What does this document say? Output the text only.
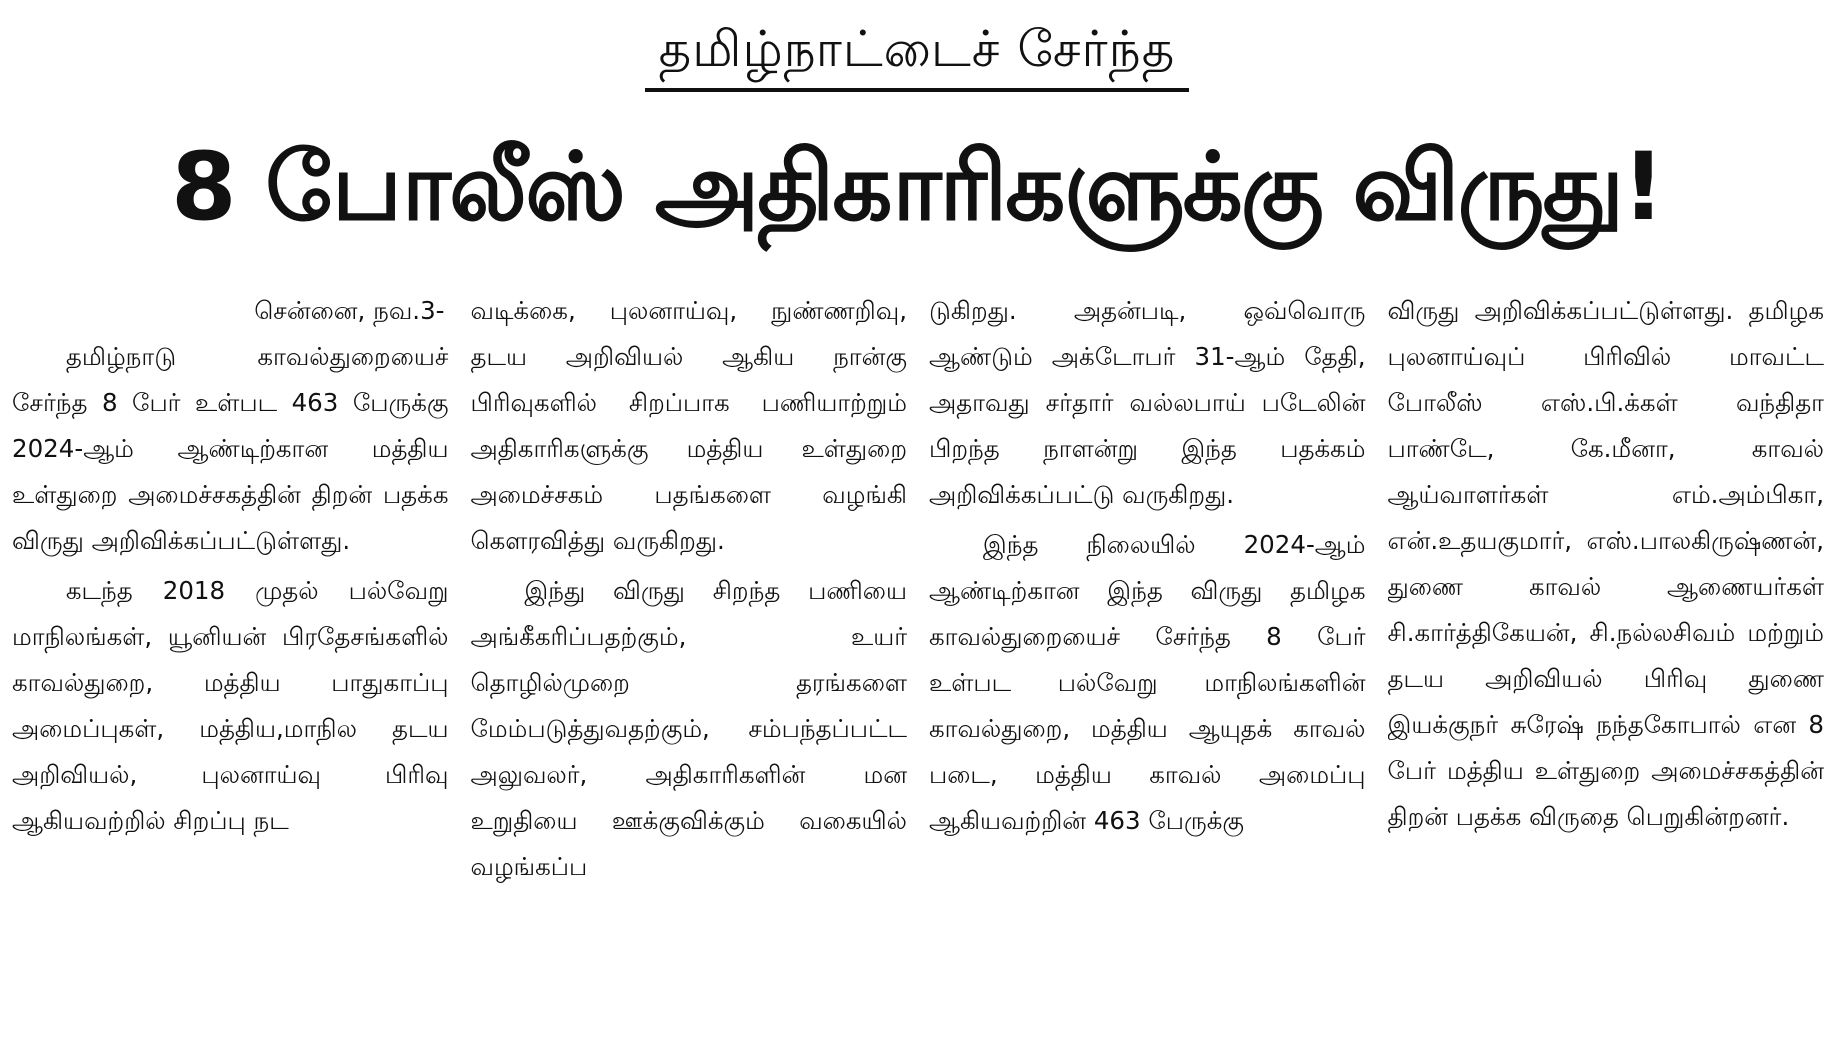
தமிழ்நாட்டைச் சேர்ந்த
8 போலீஸ் அதிகாரிகளுக்கு விருது!

சென்னை, நவ.3-

தமிழ்நாடு காவல்துறையைச் சேர்ந்த 8 பேர் உள்பட 463 பேருக்கு 2024-ஆம் ஆண்டிற்கான மத்திய உள்துறை அமைச்சகத்தின் திறன் பதக்க விருது அறிவிக்கப்பட்டுள்ளது.

கடந்த 2018 முதல் பல்வேறு மாநிலங்கள், யூனியன் பிரதேசங்களில் காவல்துறை, மத்திய பாதுகாப்பு அமைப்புகள், மத்திய,மாநில தடய அறிவியல், புலனாய்வு பிரிவு ஆகியவற்றில் சிறப்பு நட

வடிக்கை, புலனாய்வு, நுண்ணறிவு, தடய அறிவியல் ஆகிய நான்கு பிரிவுகளில் சிறப்பாக பணியாற்றும் அதிகாரிகளுக்கு மத்திய உள்துறை அமைச்சகம் பதங்களை வழங்கி கௌரவித்து வருகிறது.

இந்து விருது சிறந்த பணியை அங்கீகரிப்பதற்கும், உயர் தொழில்முறை தரங்களை மேம்படுத்துவதற்கும், சம்பந்தப்பட்ட அலுவலர், அதிகாரிகளின் மன உறுதியை ஊக்குவிக்கும் வகையில் வழங்கப்ப

டுகிறது. அதன்படி, ஒவ்வொரு ஆண்டும் அக்டோபர் 31-ஆம் தேதி, அதாவது சர்தார் வல்லபாய் படேலின் பிறந்த நாளன்று இந்த பதக்கம் அறிவிக்கப்பட்டு வருகிறது.

இந்த நிலையில் 2024-ஆம் ஆண்டிற்கான இந்த விருது தமிழக காவல்துறையைச் சேர்ந்த 8 பேர் உள்பட பல்வேறு மாநிலங்களின் காவல்துறை, மத்திய ஆயுதக் காவல் படை, மத்திய காவல் அமைப்பு ஆகியவற்றின் 463 பேருக்கு

விருது அறிவிக்கப்பட்டுள்ளது. தமிழக புலனாய்வுப் பிரிவில் மாவட்ட போலீஸ் எஸ்.பி.க்கள் வந்திதா பாண்டே, கே.மீனா, காவல் ஆய்வாளர்கள் எம்.அம்பிகா, என்.உதயகுமார், எஸ்.பாலகிருஷ்ணன், துணை காவல் ஆணையர்கள் சி.கார்த்திகேயன், சி.நல்லசிவம் மற்றும் தடய அறிவியல் பிரிவு துணை இயக்குநர் சுரேஷ் நந்தகோபால் என 8 பேர் மத்திய உள்துறை அமைச்சகத்தின் திறன் பதக்க விருதை பெறுகின்றனர்.
